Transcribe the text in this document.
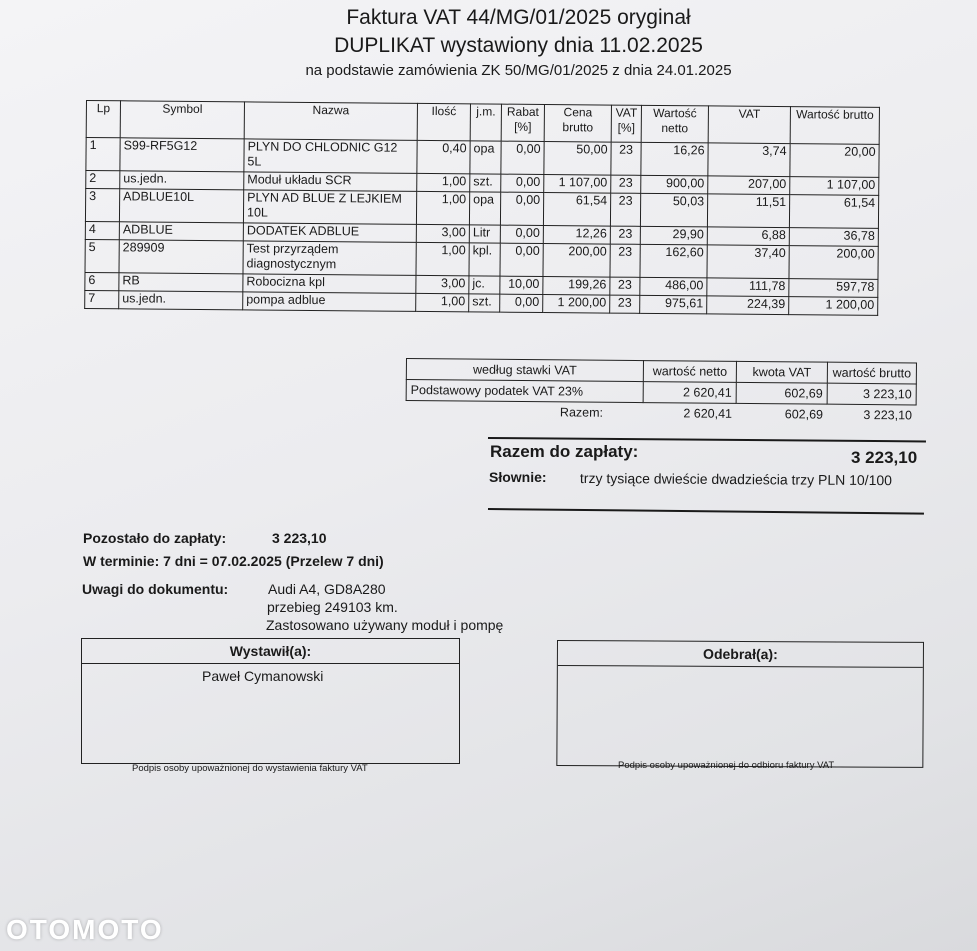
Faktura VAT 44/MG/01/2025 oryginał
DUPLIKAT wystawiony dnia 11.02.2025
na podstawie zamówienia ZK 50/MG/01/2025 z dnia 24.01.2025
Lp	Symbol	Nazwa	Ilość	j.m.	Rabat [%]	Cena brutto	VAT [%]	Wartość netto	VAT	Wartość brutto
1	S99-RF5G12	PLYN DO CHLODNIC G12 5L	0,40	opa	0,00	50,00	23	16,26	3,74	20,00
2	us.jedn.	Moduł układu SCR	1,00	szt.	0,00	1 107,00	23	900,00	207,00	1 107,00
3	ADBLUE10L	PLYN AD BLUE Z LEJKIEM 10L	1,00	opa	0,00	61,54	23	50,03	11,51	61,54
4	ADBLUE	DODATEK ADBLUE	3,00	Litr	0,00	12,26	23	29,90	6,88	36,78
5	289909	Test przyrządem diagnostycznym	1,00	kpl.	0,00	200,00	23	162,60	37,40	200,00
6	RB	Robocizna kpl	3,00	jc.	10,00	199,26	23	486,00	111,78	597,78
7	us.jedn.	pompa adblue	1,00	szt.	0,00	1 200,00	23	975,61	224,39	1 200,00
według stawki VAT	wartość netto	kwota VAT	wartość brutto
Podstawowy podatek VAT 23%	2 620,41	602,69	3 223,10
Razem:	2 620,41	602,69	3 223,10
Razem do zapłaty:	3 223,10
Słownie: trzy tysiące dwieście dwadzieścia trzy PLN 10/100
Pozostało do zapłaty:	3 223,10
W terminie: 7 dni = 07.02.2025 (Przelew 7 dni)
Uwagi do dokumentu:	Audi A4, GD8A280
przebieg 249103 km.
Zastosowano używany moduł i pompę
Wystawił(a):
Paweł Cymanowski
Podpis osoby upoważnionej do wystawienia faktury VAT
Odebrał(a):
Podpis osoby upoważnionej do odbioru faktury VAT
OTOMOTO
